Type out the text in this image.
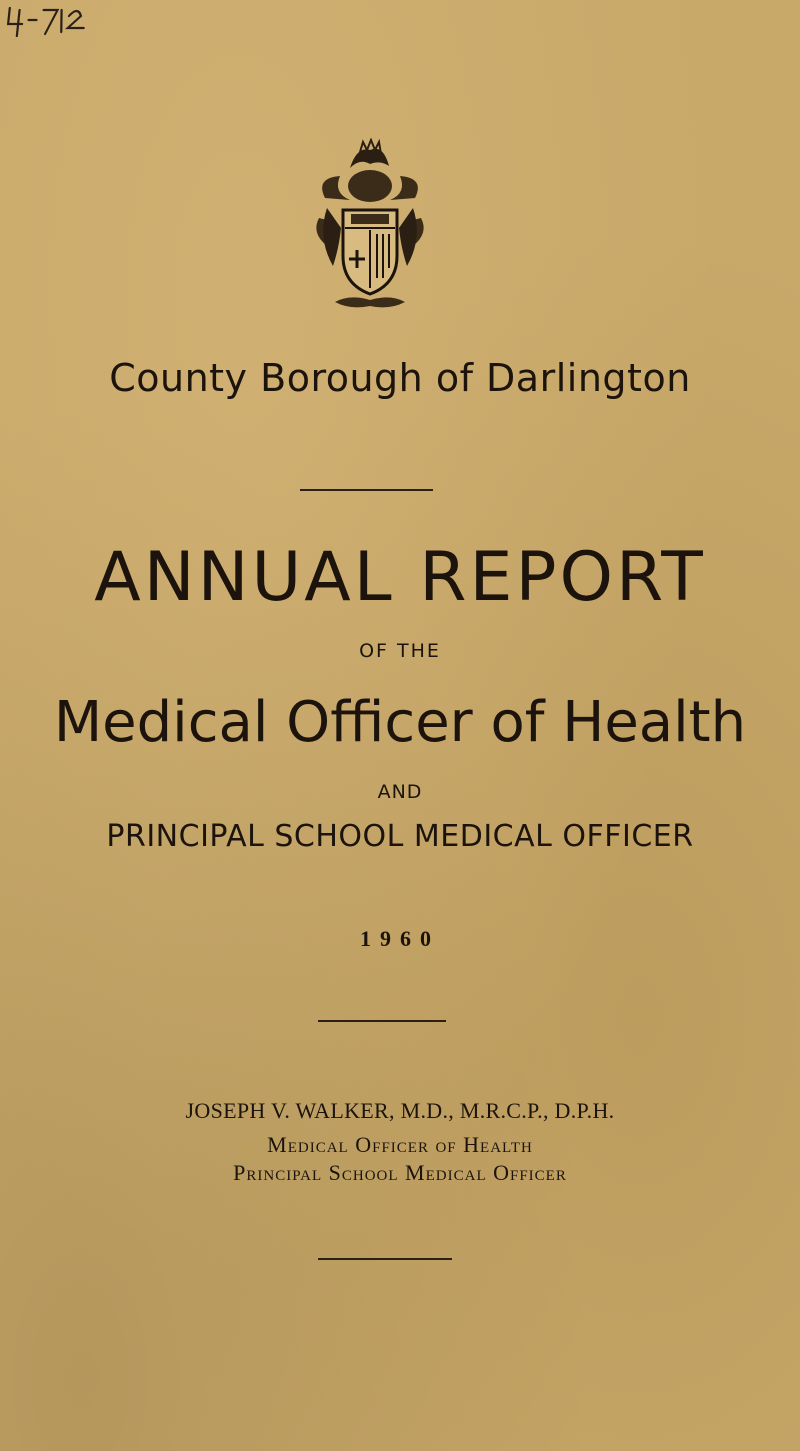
County Borough of Darlington
ANNUAL REPORT
OF THE
Medical Officer of Health
AND
PRINCIPAL SCHOOL MEDICAL OFFICER
1960
JOSEPH V. WALKER, M.D., M.R.C.P., D.P.H.
Medical Officer of Health
Principal School Medical Officer
